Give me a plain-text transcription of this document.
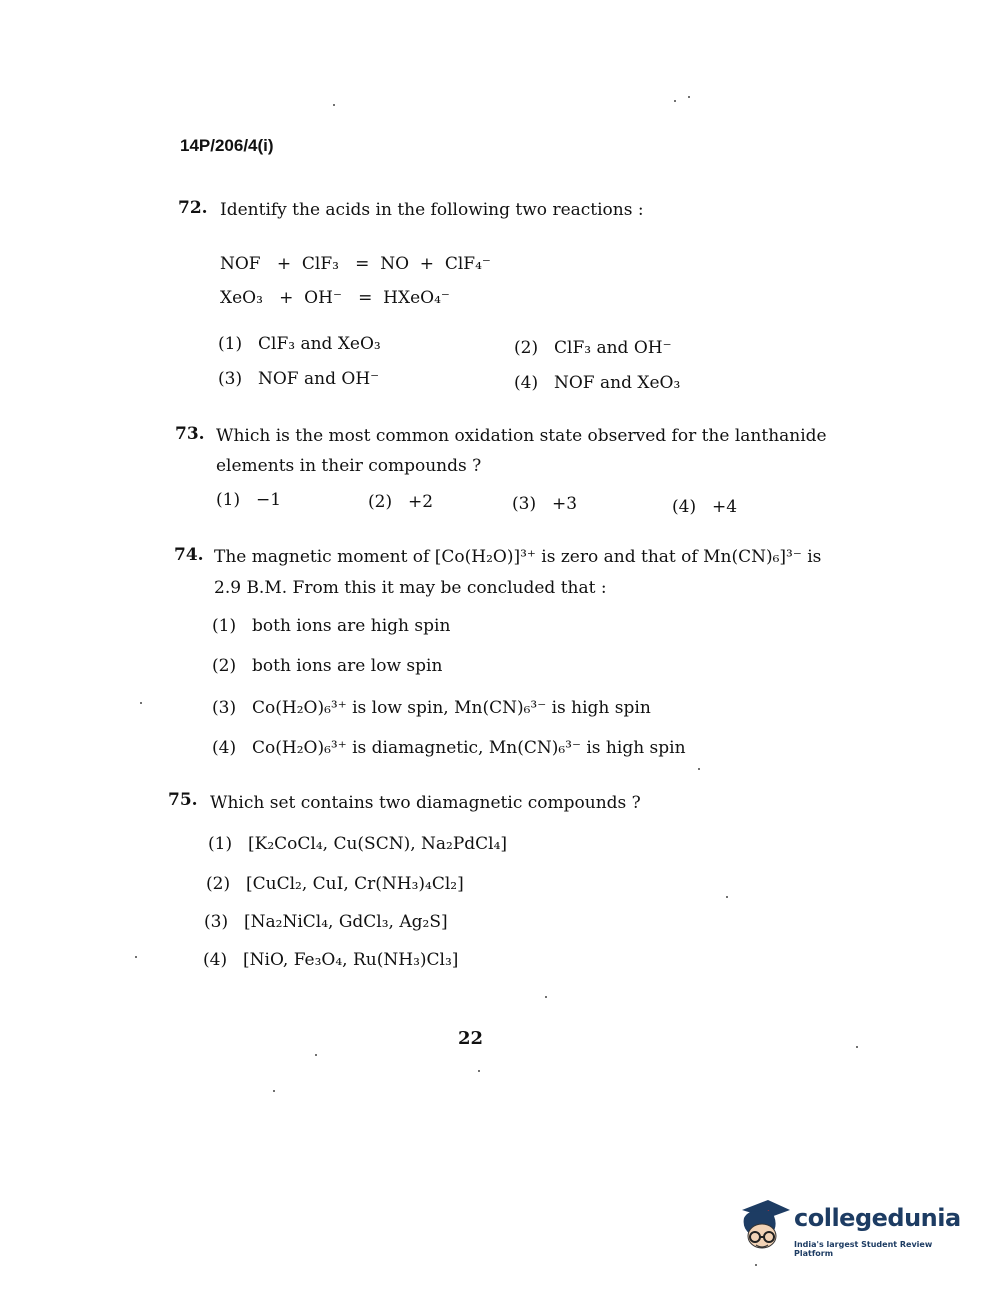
14P/206/4(i)
72. Identify the acids in the following two reactions :
NOF   +  ClF₃   =  NO  +  ClF₄⁻
XeO₃   +  OH⁻   =  HXeO₄⁻
(1) ClF₃ and XeO₃	(2) ClF₃ and OH⁻
(3) NOF and OH⁻	(4) NOF and XeO₃
73. Which is the most common oxidation state observed for the lanthanide
elements in their compounds ?
(1) −1	(2) +2	(3) +3	(4) +4
74. The magnetic moment of [Co(H₂O)]³⁺ is zero and that of Mn(CN)₆]³⁻ is
2.9 B.M. From this it may be concluded that :
(1) both ions are high spin
(2) both ions are low spin
(3) Co(H₂O)₆³⁺ is low spin, Mn(CN)₆³⁻ is high spin
(4) Co(H₂O)₆³⁺ is diamagnetic, Mn(CN)₆³⁻ is high spin
75. Which set contains two diamagnetic compounds ?
(1) [K₂CoCl₄, Cu(SCN), Na₂PdCl₄]
(2) [CuCl₂, CuI, Cr(NH₃)₄Cl₂]
(3) [Na₂NiCl₄, GdCl₃, Ag₂S]
(4) [NiO, Fe₃O₄, Ru(NH₃)Cl₃]
22
collegedunia
India's largest Student Review Platform
